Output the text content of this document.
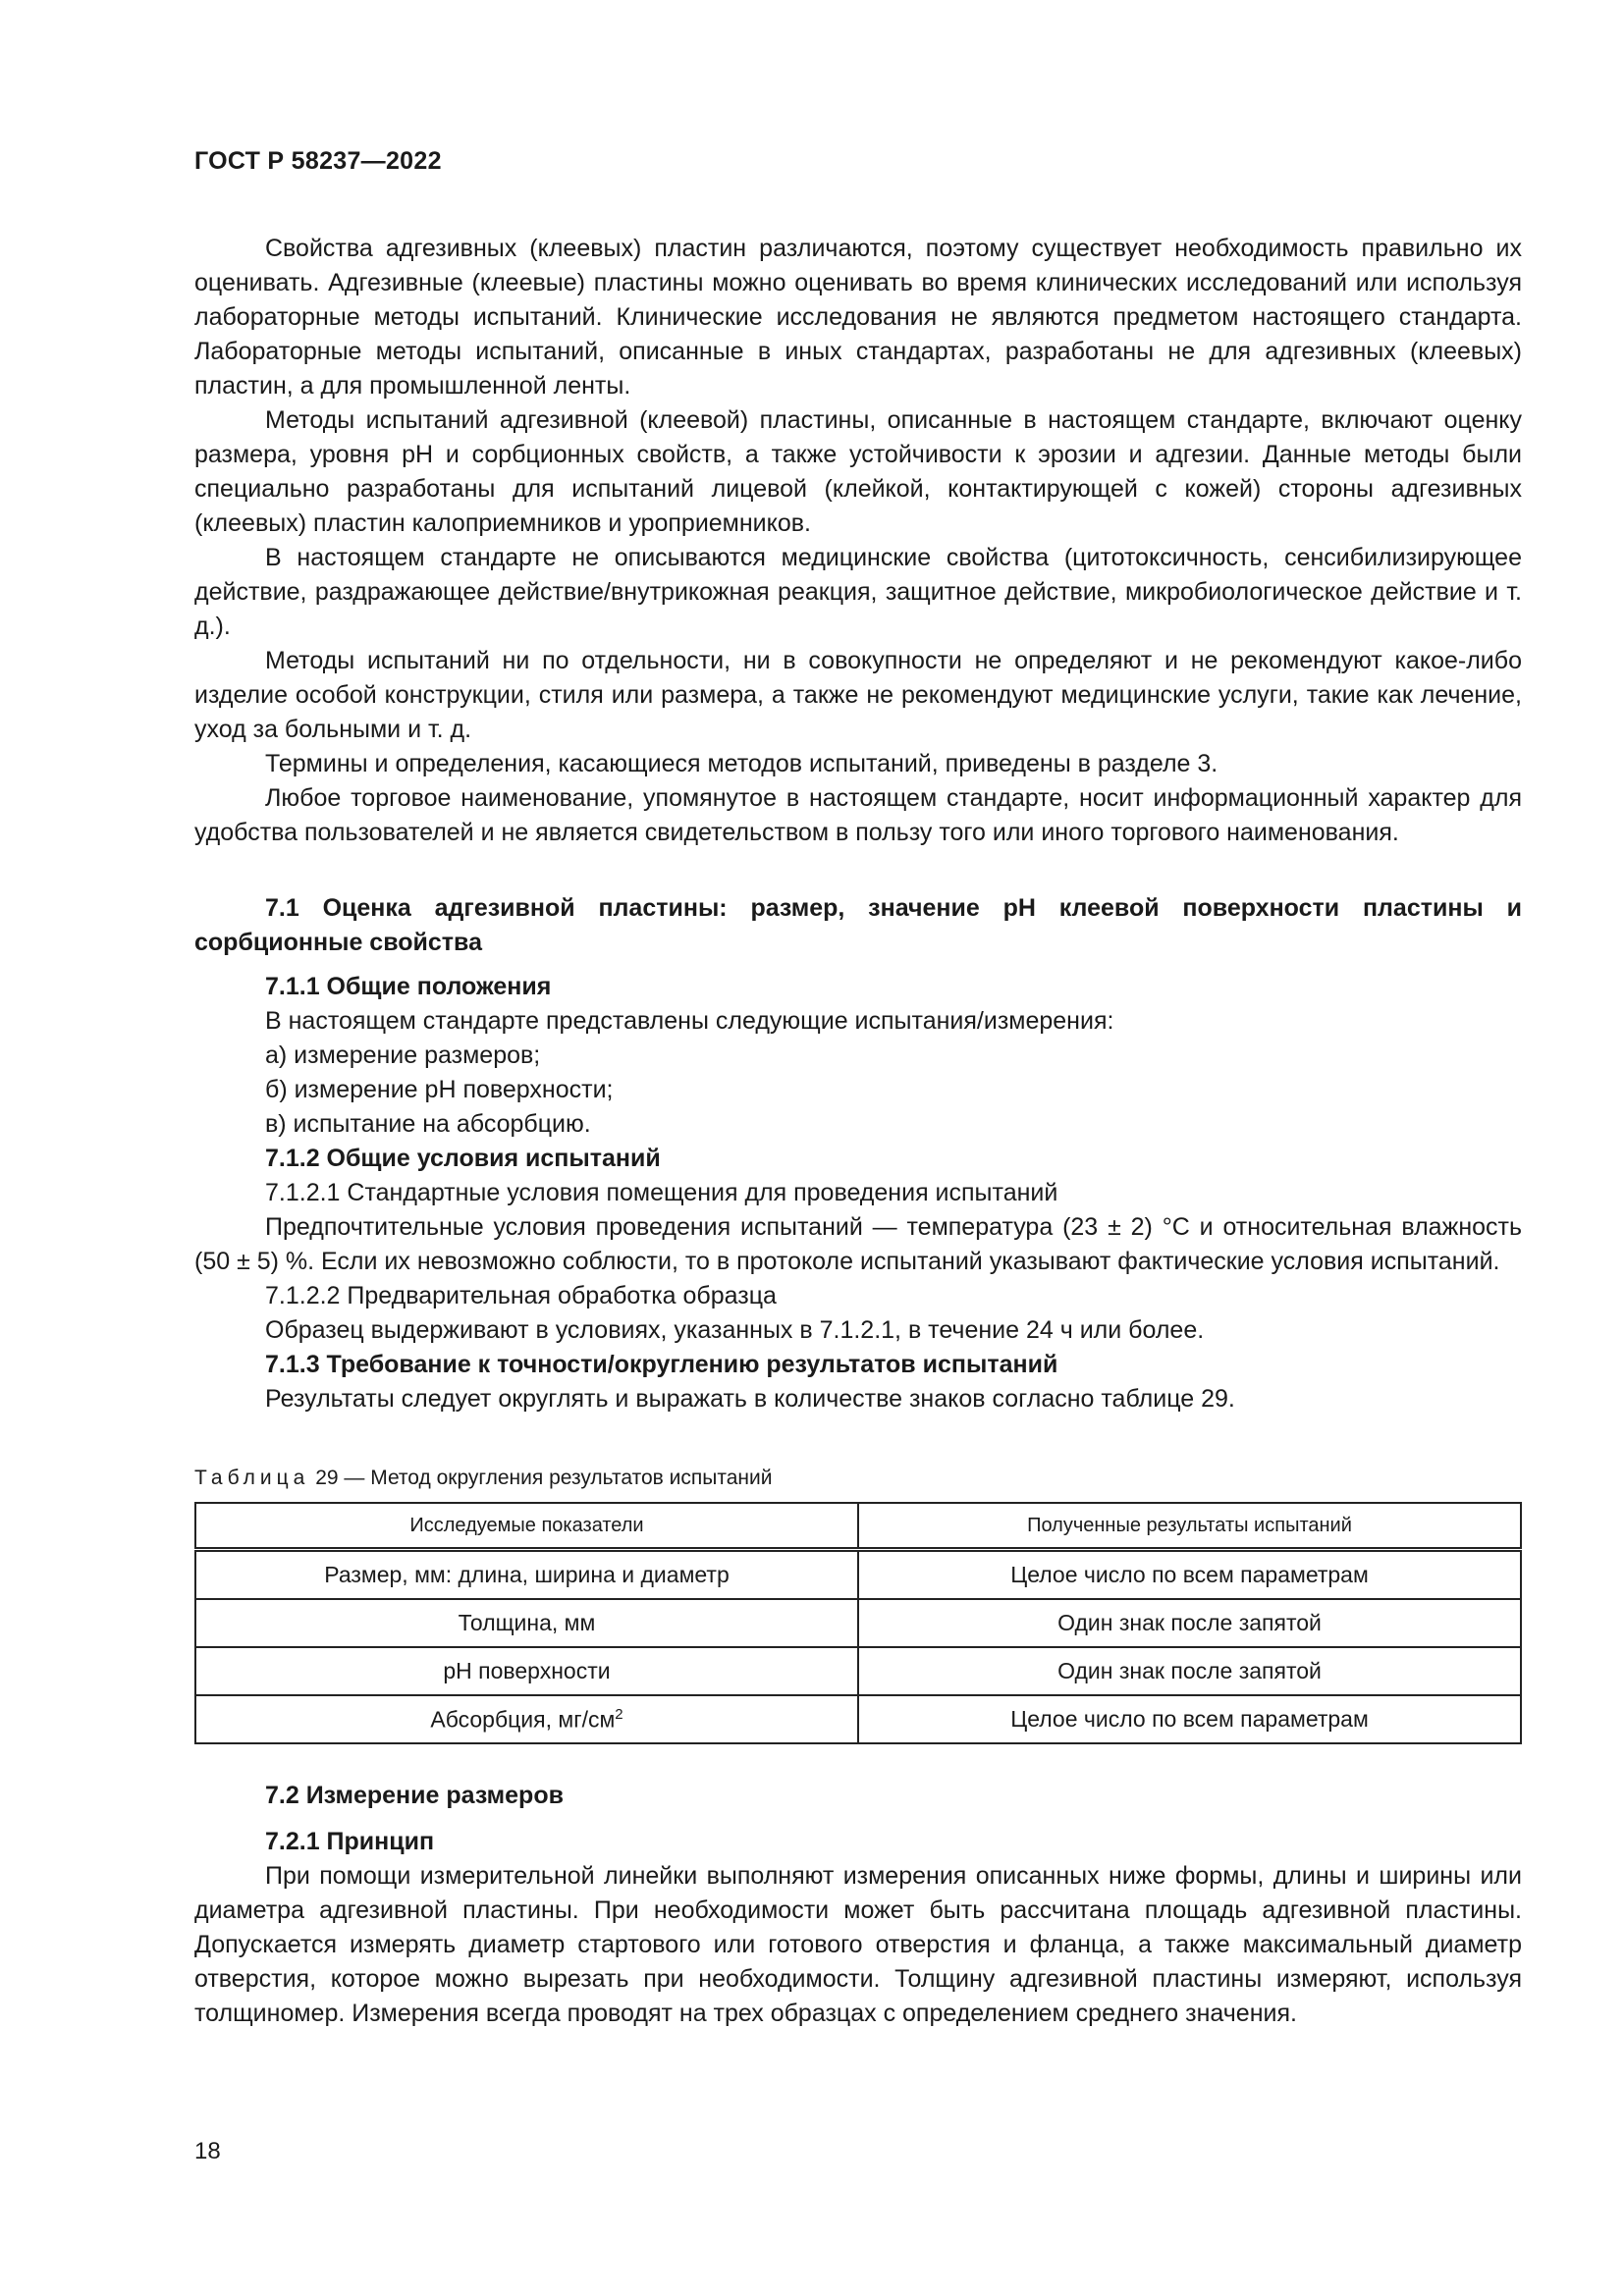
ГОСТ Р 58237—2022

Свойства адгезивных (клеевых) пластин различаются, поэтому существует необходимость правильно их оценивать. Адгезивные (клеевые) пластины можно оценивать во время клинических исследований или используя лабораторные методы испытаний. Клинические исследования не являются предметом настоящего стандарта. Лабораторные методы испытаний, описанные в иных стандартах, разработаны не для адгезивных (клеевых) пластин, а для промышленной ленты.

Методы испытаний адгезивной (клеевой) пластины, описанные в настоящем стандарте, включают оценку размера, уровня pH и сорбционных свойств, а также устойчивости к эрозии и адгезии. Данные методы были специально разработаны для испытаний лицевой (клейкой, контактирующей с кожей) стороны адгезивных (клеевых) пластин калоприемников и уроприемников.

В настоящем стандарте не описываются медицинские свойства (цитотоксичность, сенсибилизирующее действие, раздражающее действие/внутрикожная реакция, защитное действие, микробиологическое действие и т. д.).

Методы испытаний ни по отдельности, ни в совокупности не определяют и не рекомендуют какое-либо изделие особой конструкции, стиля или размера, а также не рекомендуют медицинские услуги, такие как лечение, уход за больными и т. д.

Термины и определения, касающиеся методов испытаний, приведены в разделе 3.

Любое торговое наименование, упомянутое в настоящем стандарте, носит информационный характер для удобства пользователей и не является свидетельством в пользу того или иного торгового наименования.

7.1 Оценка адгезивной пластины: размер, значение pH клеевой поверхности пластины и сорбционные свойства

7.1.1 Общие положения

В настоящем стандарте представлены следующие испытания/измерения:

а) измерение размеров;

б) измерение pH поверхности;

в) испытание на абсорбцию.

7.1.2 Общие условия испытаний

7.1.2.1 Стандартные условия помещения для проведения испытаний

Предпочтительные условия проведения испытаний — температура (23 ± 2) °С и относительная влажность (50 ± 5) %. Если их невозможно соблюсти, то в протоколе испытаний указывают фактические условия испытаний.

7.1.2.2 Предварительная обработка образца

Образец выдерживают в условиях, указанных в 7.1.2.1, в течение 24 ч или более.

7.1.3 Требование к точности/округлению результатов испытаний

Результаты следует округлять и выражать в количестве знаков согласно таблице 29.

Таблица 29 — Метод округления результатов испытаний
Исследуемые показатели	Полученные результаты испытаний
Размер, мм: длина, ширина и диаметр	Целое число по всем параметрам
Толщина, мм	Один знак после запятой
pH поверхности	Один знак после запятой
Абсорбция, $мг/см^2$	Целое число по всем параметрам

7.2 Измерение размеров

7.2.1 Принцип

При помощи измерительной линейки выполняют измерения описанных ниже формы, длины и ширины или диаметра адгезивной пластины. При необходимости может быть рассчитана площадь адгезивной пластины. Допускается измерять диаметр стартового или готового отверстия и фланца, а также максимальный диаметр отверстия, которое можно вырезать при необходимости. Толщину адгезивной пластины измеряют, используя толщиномер. Измерения всегда проводят на трех образцах с определением среднего значения.

18
